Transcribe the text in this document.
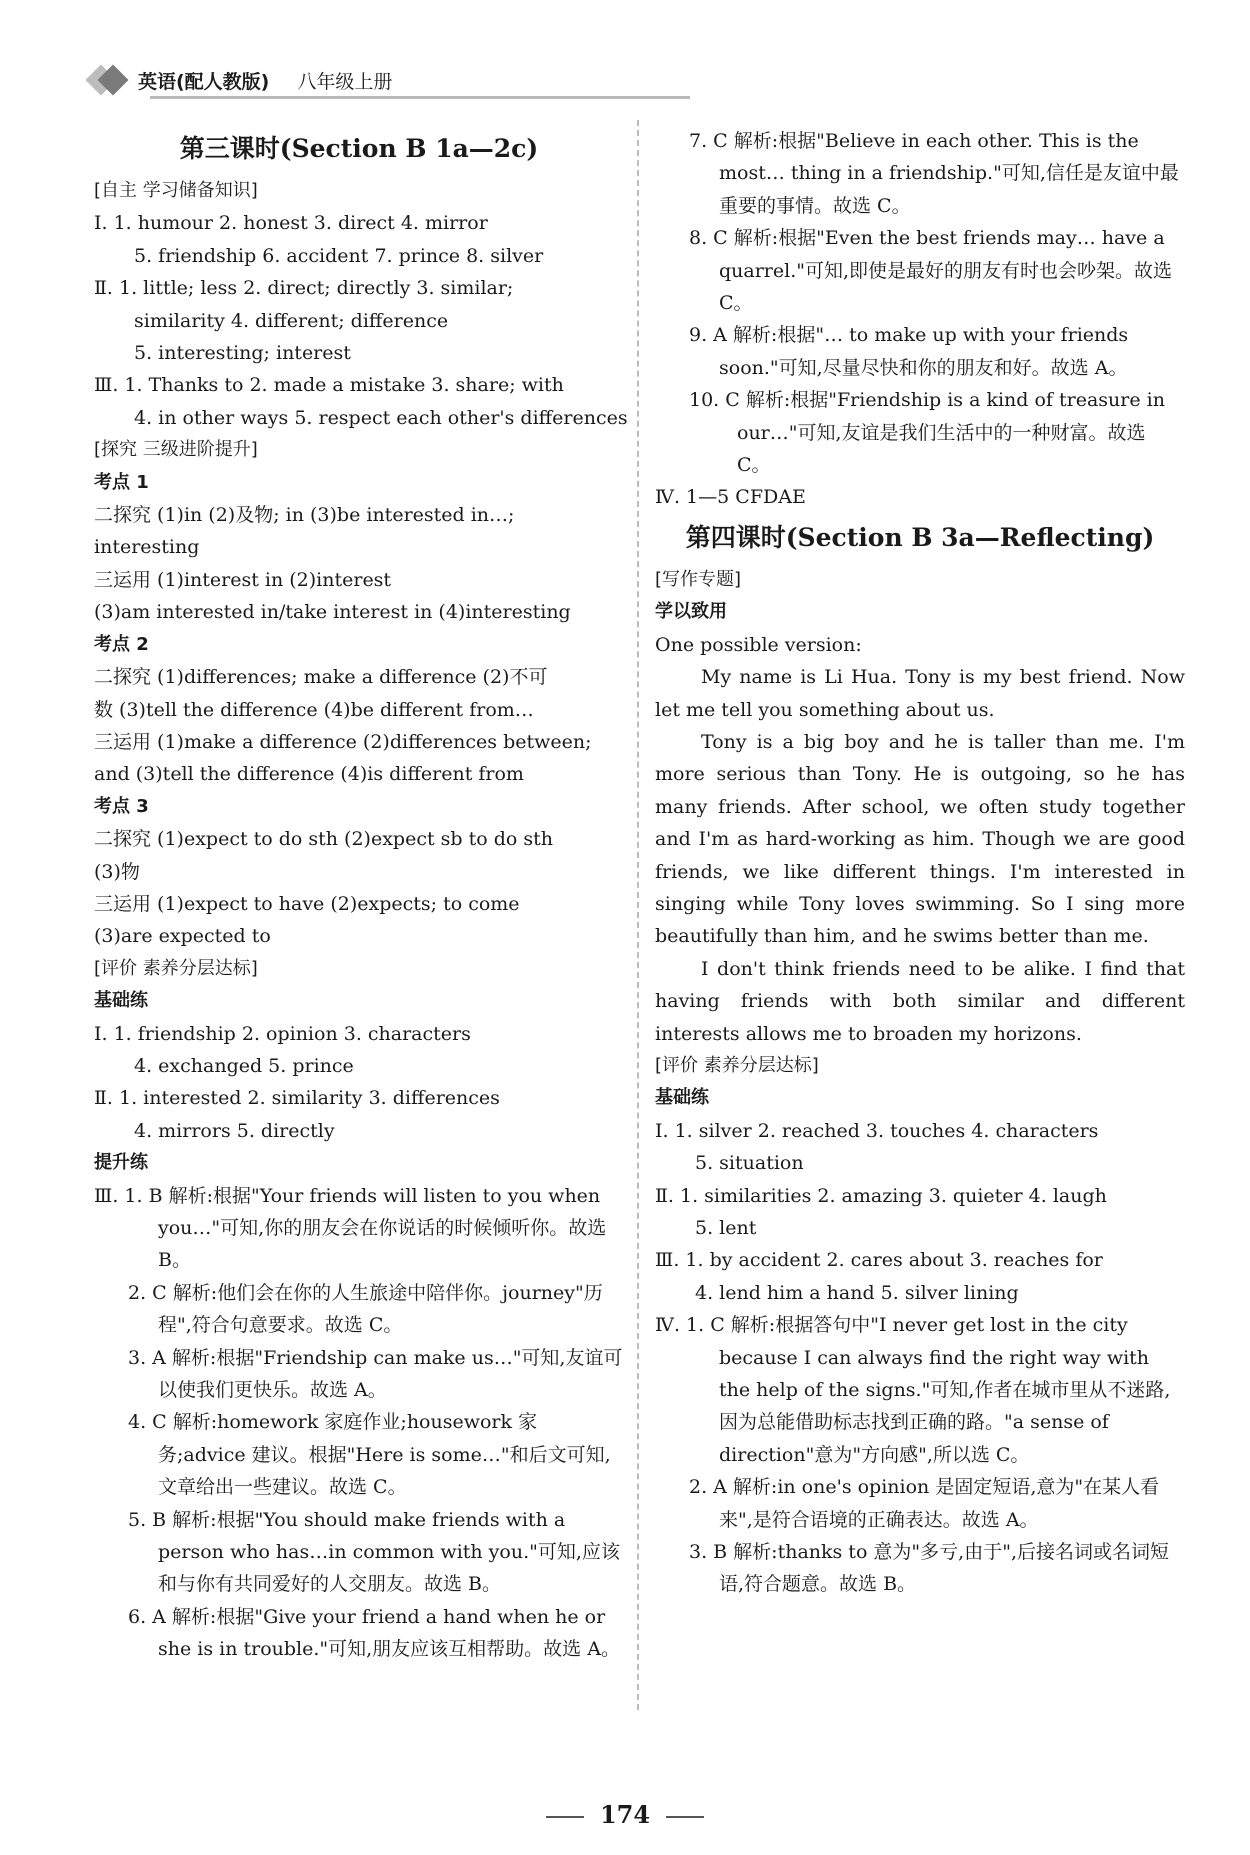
英语(配人教版) 八年级上册
第三课时(Section B 1a—2c)
[自主 学习储备知识]
Ⅰ. 1. humour 2. honest 3. direct 4. mirror
5. friendship 6. accident 7. prince 8. silver
Ⅱ. 1. little; less 2. direct; directly 3. similar;
similarity 4. different; difference
5. interesting; interest
Ⅲ. 1. Thanks to 2. made a mistake 3. share; with
4. in other ways 5. respect each other's differences
[探究 三级进阶提升]
考点 1
二探究 (1)in (2)及物; in (3)be interested in…;
interesting
三运用 (1)interest in (2)interest
(3)am interested in/take interest in (4)interesting
考点 2
二探究 (1)differences; make a difference (2)不可
数 (3)tell the difference (4)be different from…
三运用 (1)make a difference (2)differences between;
and (3)tell the difference (4)is different from
考点 3
二探究 (1)expect to do sth (2)expect sb to do sth
(3)物
三运用 (1)expect to have (2)expects; to come
(3)are expected to
[评价 素养分层达标]
基础练
Ⅰ. 1. friendship 2. opinion 3. characters
4. exchanged 5. prince
Ⅱ. 1. interested 2. similarity 3. differences
4. mirrors 5. directly
提升练
Ⅲ. 1. B 解析:根据"Your friends will listen to you when you…"可知,你的朋友会在你说话的时候倾听你。故选 B。
2. C 解析:他们会在你的人生旅途中陪伴你。journey"历程",符合句意要求。故选 C。
3. A 解析:根据"Friendship can make us…"可知,友谊可以使我们更快乐。故选 A。
4. C 解析:homework 家庭作业;housework 家务;advice 建议。根据"Here is some…"和后文可知,文章给出一些建议。故选 C。
5. B 解析:根据"You should make friends with a person who has…in common with you."可知,应该和与你有共同爱好的人交朋友。故选 B。
6. A 解析:根据"Give your friend a hand when he or she is in trouble."可知,朋友应该互相帮助。故选 A。
7. C 解析:根据"Believe in each other. This is the most… thing in a friendship."可知,信任是友谊中最重要的事情。故选 C。
8. C 解析:根据"Even the best friends may… have a quarrel."可知,即使是最好的朋友有时也会吵架。故选 C。
9. A 解析:根据"… to make up with your friends soon."可知,尽量尽快和你的朋友和好。故选 A。
10. C 解析:根据"Friendship is a kind of treasure in our…"可知,友谊是我们生活中的一种财富。故选 C。
Ⅳ. 1—5 CFDAE
第四课时(Section B 3a—Reflecting)
[写作专题]
学以致用
One possible version:
My name is Li Hua. Tony is my best friend. Now let me tell you something about us.
Tony is a big boy and he is taller than me. I'm more serious than Tony. He is outgoing, so he has many friends. After school, we often study together and I'm as hard-working as him. Though we are good friends, we like different things. I'm interested in singing while Tony loves swimming. So I sing more beautifully than him, and he swims better than me.
I don't think friends need to be alike. I find that having friends with both similar and different interests allows me to broaden my horizons.
[评价 素养分层达标]
基础练
Ⅰ. 1. silver 2. reached 3. touches 4. characters
5. situation
Ⅱ. 1. similarities 2. amazing 3. quieter 4. laugh
5. lent
Ⅲ. 1. by accident 2. cares about 3. reaches for
4. lend him a hand 5. silver lining
Ⅳ. 1. C 解析:根据答句中"I never get lost in the city because I can always find the right way with the help of the signs."可知,作者在城市里从不迷路,因为总能借助标志找到正确的路。"a sense of direction"意为"方向感",所以选 C。
2. A 解析:in one's opinion 是固定短语,意为"在某人看来",是符合语境的正确表达。故选 A。
3. B 解析:thanks to 意为"多亏,由于",后接名词或名词短语,符合题意。故选 B。
174
